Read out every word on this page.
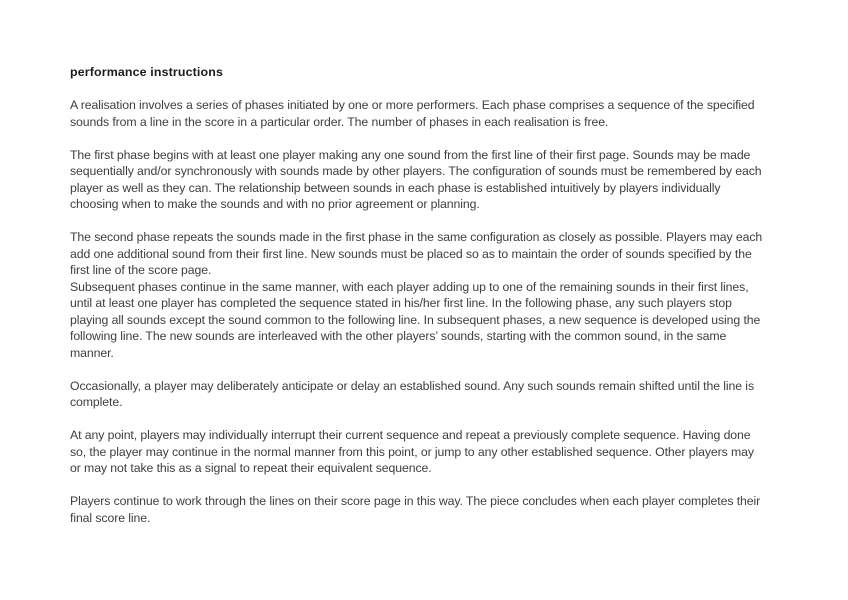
performance instructions
A realisation involves a series of phases initiated by one or more performers. Each phase comprises a sequence of the specified
sounds from a line in the score in a particular order. The number of phases in each realisation is free.
The first phase begins with at least one player making any one sound from the first line of their first page. Sounds may be made
sequentially and/or synchronously with sounds made by other players. The configuration of sounds must be remembered by each
player as well as they can. The relationship between sounds in each phase is established intuitively by players individually
choosing when to make the sounds and with no prior agreement or planning.
The second phase repeats the sounds made in the first phase in the same configuration as closely as possible. Players may each
add one additional sound from their first line. New sounds must be placed so as to maintain the order of sounds specified by the
first line of the score page.
Subsequent phases continue in the same manner, with each player adding up to one of the remaining sounds in their first lines,
until at least one player has completed the sequence stated in his/her first line. In the following phase, any such players stop
playing all sounds except the sound common to the following line. In subsequent phases, a new sequence is developed using the
following line. The new sounds are interleaved with the other players’ sounds, starting with the common sound, in the same
manner.
Occasionally, a player may deliberately anticipate or delay an established sound. Any such sounds remain shifted until the line is
complete.
At any point, players may individually interrupt their current sequence and repeat a previously complete sequence. Having done
so, the player may continue in the normal manner from this point, or jump to any other established sequence. Other players may
or may not take this as a signal to repeat their equivalent sequence.
Players continue to work through the lines on their score page in this way. The piece concludes when each player completes their
final score line.
